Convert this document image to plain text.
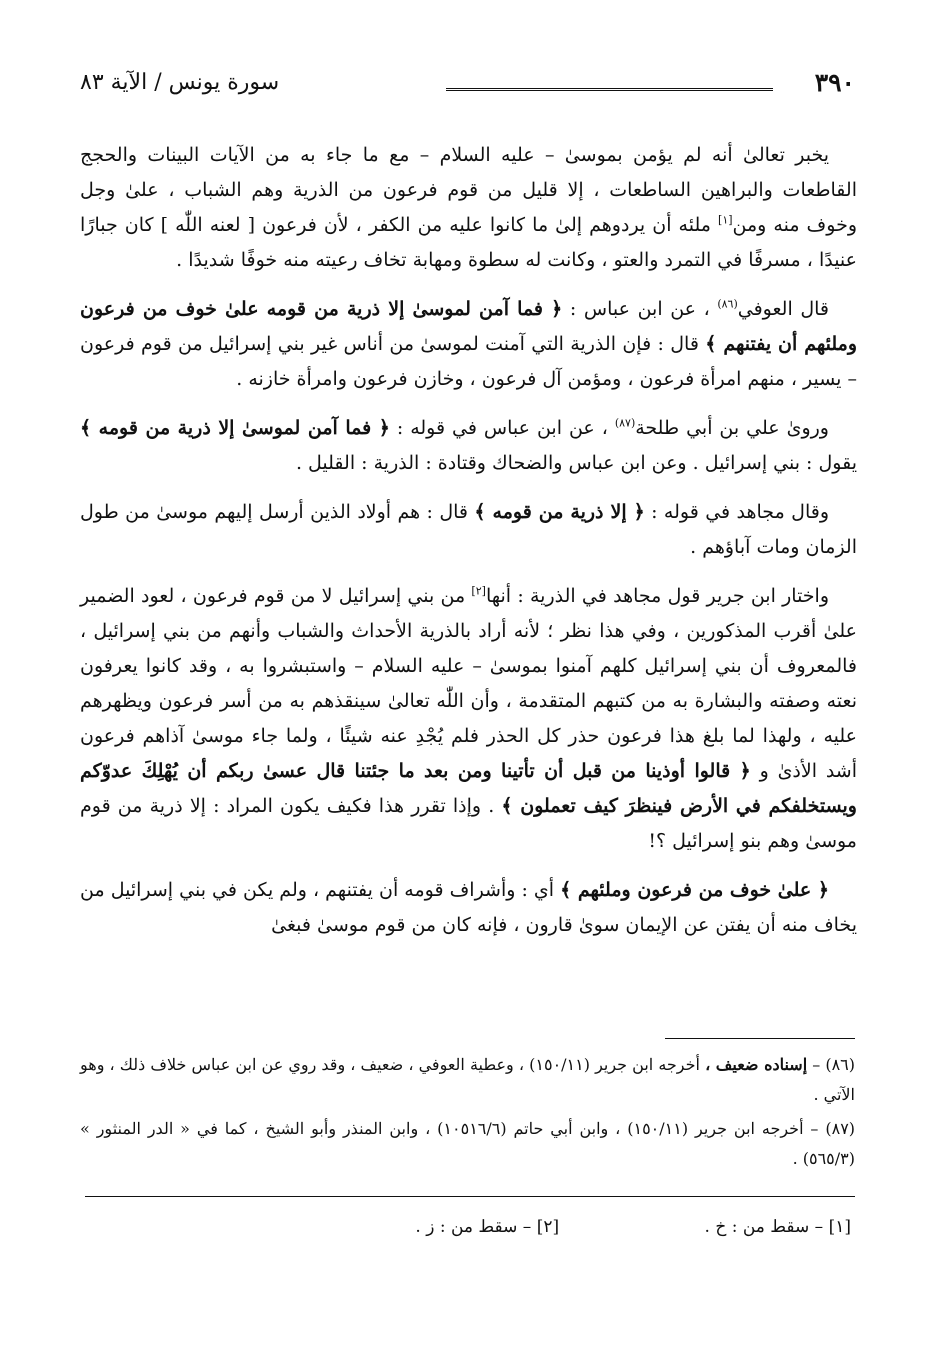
٣٩٠
سورة يونس / الآية ٨٣

يخبر تعالىٰ أنه لم يؤمن بموسىٰ – عليه السلام – مع ما جاء به من الآيات البينات والحجج القاطعات والبراهين الساطعات ، إلا قليل من قوم فرعون من الذرية وهم الشباب ، علىٰ وجل وخوف منه ومن[١] ملئه أن يردوهم إلىٰ ما كانوا عليه من الكفر ، لأن فرعون [ لعنه اللّٰه ] كان جبارًا عنيدًا ، مسرفًا في التمرد والعتو ، وكانت له سطوة ومهابة تخاف رعيته منه خوفًا شديدًا .

قال العوفي$^{(٨٦)}$ ، عن ابن عباس : ﴿ فما آمن لموسىٰ إلا ذرية من قومه علىٰ خوف من فرعون وملئهم أن يفتنهم ﴾ قال : فإن الذرية التي آمنت لموسىٰ من أناس غير بني إسرائيل من قوم فرعون – يسير ، منهم امرأة فرعون ، ومؤمن آل فرعون ، وخازن فرعون وامرأة خازنه .

وروىٰ علي بن أبي طلحة$^{(٨٧)}$ ، عن ابن عباس في قوله : ﴿ فما آمن لموسىٰ إلا ذرية من قومه ﴾ يقول : بني إسرائيل . وعن ابن عباس والضحاك وقتادة : الذرية : القليل .

وقال مجاهد في قوله : ﴿ إلا ذرية من قومه ﴾ قال : هم أولاد الذين أرسل إليهم موسىٰ من طول الزمان ومات آباؤهم .

واختار ابن جرير قول مجاهد في الذرية : أنها[٢] من بني إسرائيل لا من قوم فرعون ، لعود الضمير علىٰ أقرب المذكورين ، وفي هذا نظر ؛ لأنه أراد بالذرية الأحداث والشباب وأنهم من بني إسرائيل ، فالمعروف أن بني إسرائيل كلهم آمنوا بموسىٰ – عليه السلام – واستبشروا به ، وقد كانوا يعرفون نعته وصفته والبشارة به من كتبهم المتقدمة ، وأن اللّٰه تعالىٰ سينقذهم به من أسر فرعون ويظهرهم عليه ، ولهذا لما بلغ هذا فرعون حذر كل الحذر فلم يُجْدِ عنه شيئًا ، ولما جاء موسىٰ آذاهم فرعون أشد الأذىٰ و ﴿ قالوا أوذينا من قبل أن تأتينا ومن بعد ما جئتنا قال عسىٰ ربكم أن يُهْلِكَ عدوّكم ويستخلفكم في الأرض فينظرَ كيف تعملون ﴾ . وإذا تقرر هذا فكيف يكون المراد : إلا ذرية من قوم موسىٰ وهم بنو إسرائيل ؟!

﴿ علىٰ خوف من فرعون وملئهم ﴾ أي : وأشراف قومه أن يفتنهم ، ولم يكن في بني إسرائيل من يخاف منه أن يفتن عن الإيمان سوىٰ قارون ، فإنه كان من قوم موسىٰ فبغىٰ

(٨٦) – إسناده ضعيف ، أخرجه ابن جرير (١٥٠/١١) ، وعطية العوفي ، ضعيف ، وقد روي عن ابن عباس خلاف ذلك ، وهو الآتي .

(٨٧) – أخرجه ابن جرير (١٥٠/١١) ، وابن أبي حاتم (١٠٥١٦/٦) ، وابن المنذر وأبو الشيخ ، كما في « الدر المنثور » (٥٦٥/٣) .

[١] – سقط من : خ . [٢] – سقط من : ز .
